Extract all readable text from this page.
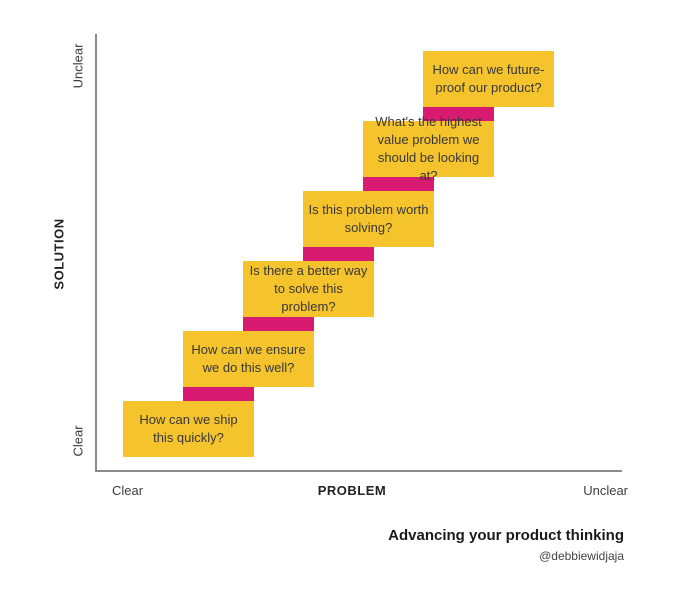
Unclear
SOLUTION
Clear
Clear	PROBLEM	Unclear
How can we ship this quickly?
How can we ensure we do this well?
Is there a better way to solve this problem?
Is this problem worth solving?
What's the highest value problem we should be looking at?
How can we future-proof our product?
Advancing your product thinking
@debbiewidjaja
